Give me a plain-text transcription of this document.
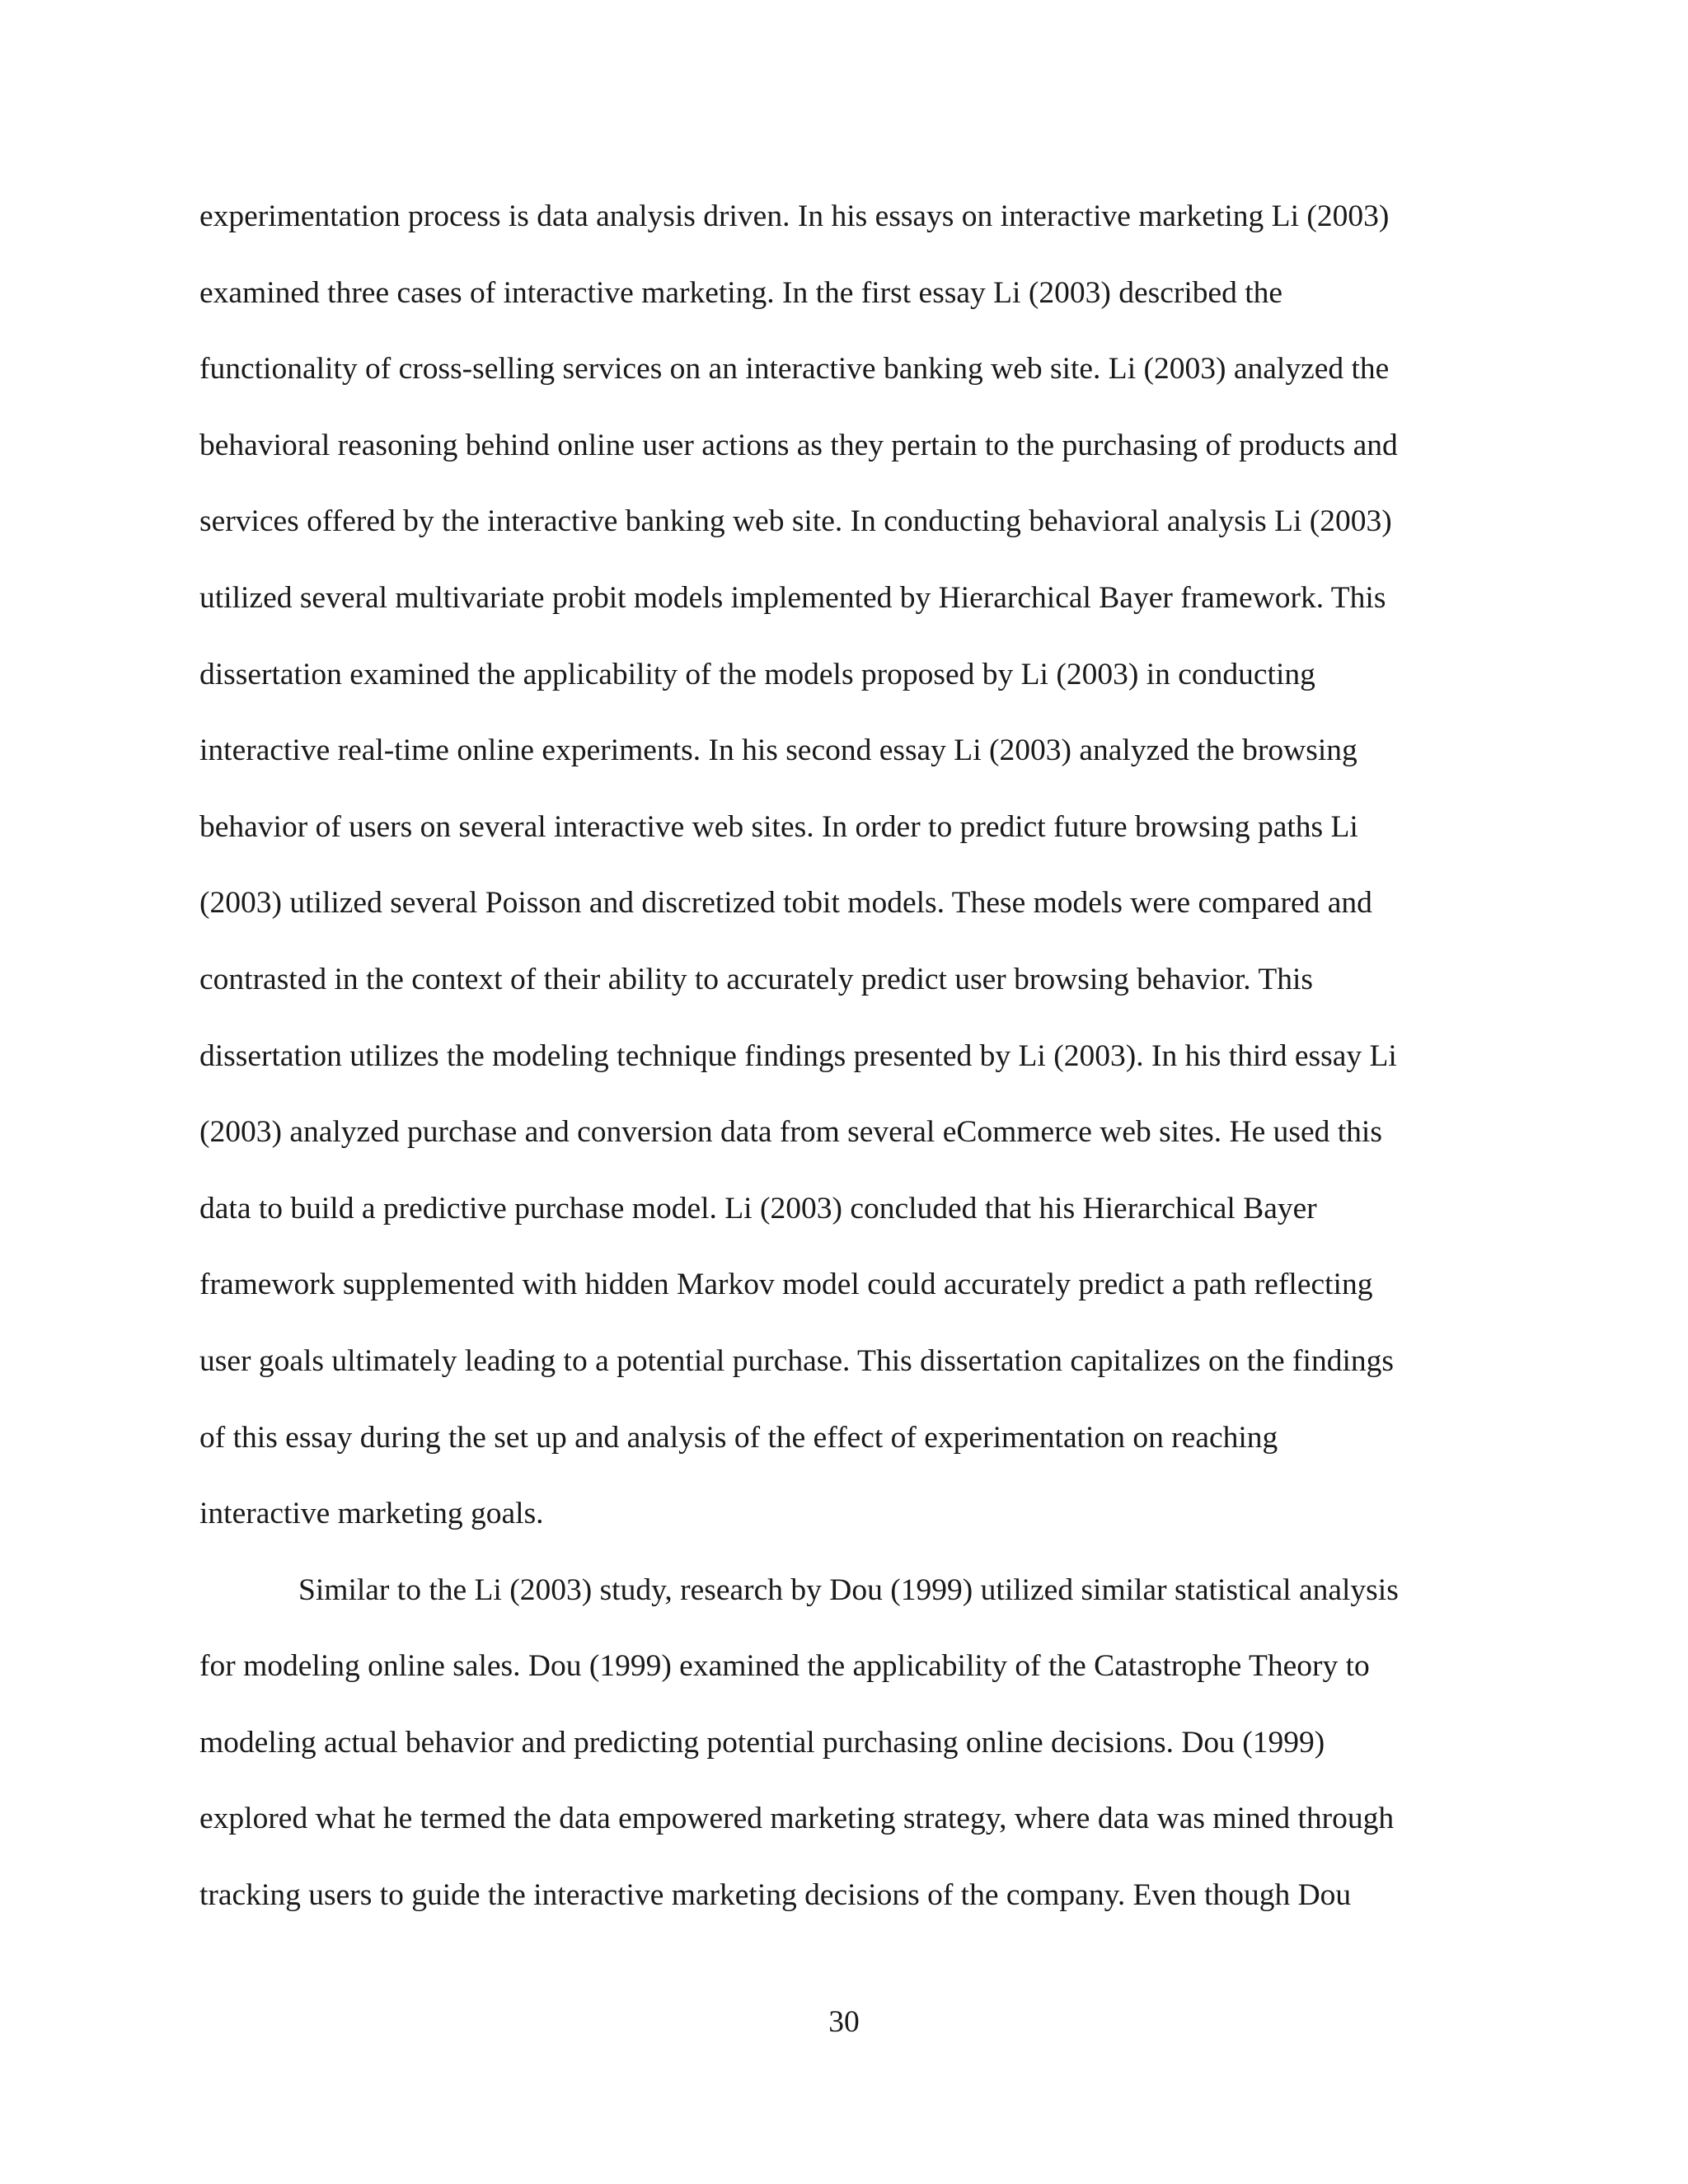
experimentation process is data analysis driven. In his essays on interactive marketing Li (2003)
examined three cases of interactive marketing. In the first essay Li (2003) described the
functionality of cross-selling services on an interactive banking web site. Li (2003) analyzed the
behavioral reasoning behind online user actions as they pertain to the purchasing of products and
services offered by the interactive banking web site. In conducting behavioral analysis Li (2003)
utilized several multivariate probit models implemented by Hierarchical Bayer framework. This
dissertation examined the applicability of the models proposed by Li (2003) in conducting
interactive real-time online experiments. In his second essay Li (2003) analyzed the browsing
behavior of users on several interactive web sites. In order to predict future browsing paths Li
(2003) utilized several Poisson and discretized tobit models. These models were compared and
contrasted in the context of their ability to accurately predict user browsing behavior. This
dissertation utilizes the modeling technique findings presented by Li (2003). In his third essay Li
(2003) analyzed purchase and conversion data from several eCommerce web sites. He used this
data to build a predictive purchase model. Li (2003) concluded that his Hierarchical Bayer
framework supplemented with hidden Markov model could accurately predict a path reflecting
user goals ultimately leading to a potential purchase. This dissertation capitalizes on the findings
of this essay during the set up and analysis of the effect of experimentation on reaching
interactive marketing goals.
Similar to the Li (2003) study, research by Dou (1999) utilized similar statistical analysis
for modeling online sales. Dou (1999) examined the applicability of the Catastrophe Theory to
modeling actual behavior and predicting potential purchasing online decisions. Dou (1999)
explored what he termed the data empowered marketing strategy, where data was mined through
tracking users to guide the interactive marketing decisions of the company. Even though Dou
30
